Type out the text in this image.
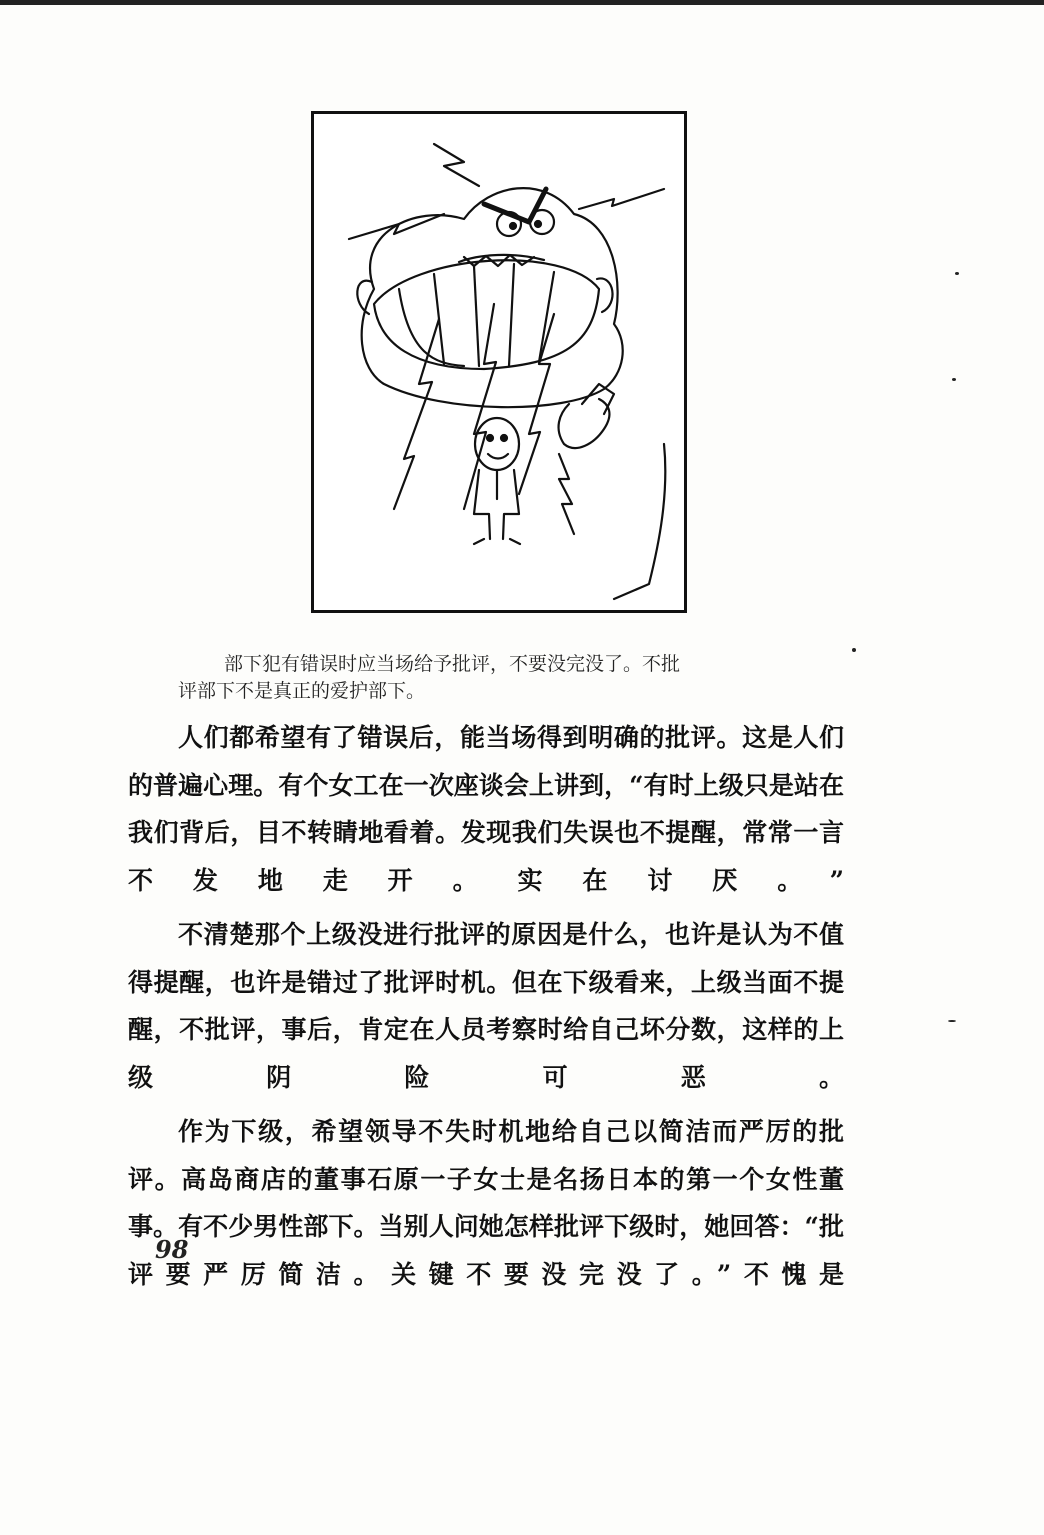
部下犯有错误时应当场给予批评，不要没完没了。不批
评部下不是真正的爱护部下。

人们都希望有了错误后，能当场得到明确的批评。这是人们的普遍心理。有个女工在一次座谈会上讲到，“有时上级只是站在我们背后，目不转睛地看着。发现我们失误也不提醒，常常一言不发地走开。实在讨厌。”

不清楚那个上级没进行批评的原因是什么，也许是认为不值得提醒，也许是错过了批评时机。但在下级看来，上级当面不提醒，不批评，事后，肯定在人员考察时给自己坏分数，这样的上级阴险可恶。

作为下级，希望领导不失时机地给自己以简洁而严厉的批评。高岛商店的董事石原一子女士是名扬日本的第一个女性董事。有不少男性部下。当别人问她怎样批评下级时，她回答：“批评要严厉简洁。关键不要没完没了。”不愧是

98
